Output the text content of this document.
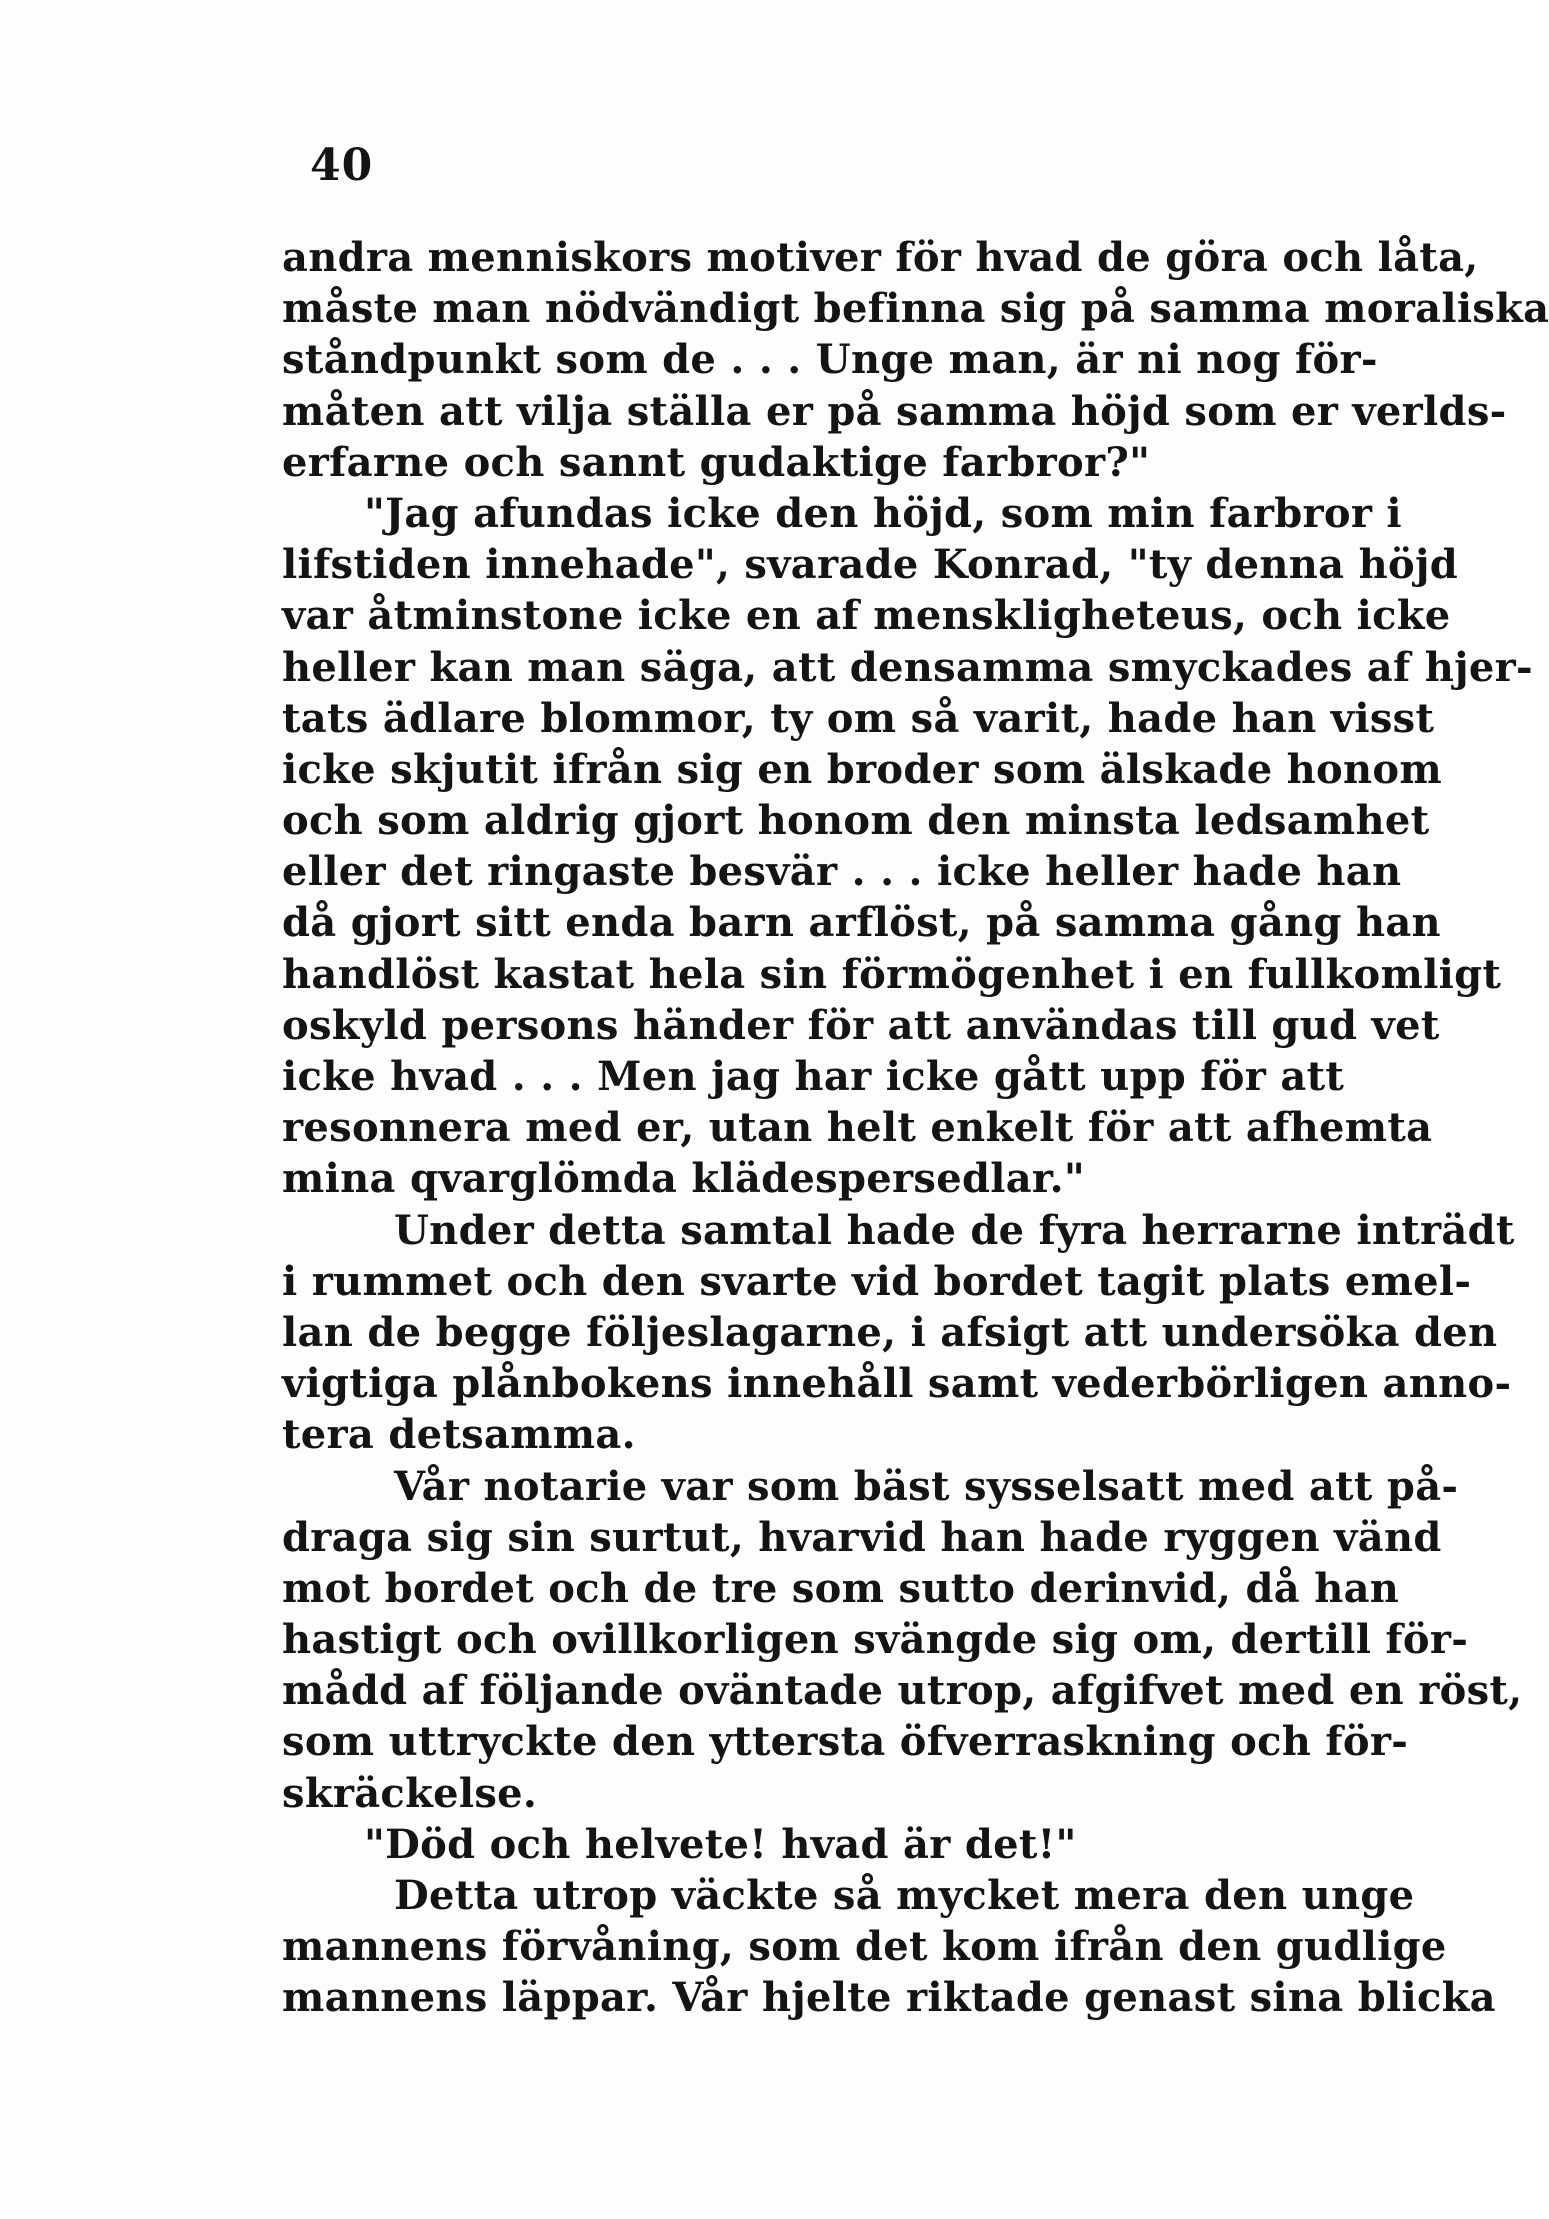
40
andra menniskors motiver för hvad de göra och låta,
måste man nödvändigt befinna sig på samma moraliska
ståndpunkt som de . . . Unge man, är ni nog för-
måten att vilja ställa er på samma höjd som er verlds-
erfarne och sannt gudaktige farbror?"
"Jag afundas icke den höjd, som min farbror i
lifstiden innehade", svarade Konrad, "ty denna höjd
var åtminstone icke en af menskligheteus, och icke
heller kan man säga, att densamma smyckades af hjer-
tats ädlare blommor, ty om så varit, hade han visst
icke skjutit ifrån sig en broder som älskade honom
och som aldrig gjort honom den minsta ledsamhet
eller det ringaste besvär . . . icke heller hade han
då gjort sitt enda barn arflöst, på samma gång han
handlöst kastat hela sin förmögenhet i en fullkomligt
oskyld persons händer för att användas till gud vet
icke hvad . . . Men jag har icke gått upp för att
resonnera med er, utan helt enkelt för att afhemta
mina qvarglömda klädespersedlar."
Under detta samtal hade de fyra herrarne inträdt
i rummet och den svarte vid bordet tagit plats emel-
lan de begge följeslagarne, i afsigt att undersöka den
vigtiga plånbokens innehåll samt vederbörligen anno-
tera detsamma.
Vår notarie var som bäst sysselsatt med att på-
draga sig sin surtut, hvarvid han hade ryggen vänd
mot bordet och de tre som sutto derinvid, då han
hastigt och ovillkorligen svängde sig om, dertill för-
mådd af följande oväntade utrop, afgifvet med en röst,
som uttryckte den yttersta öfverraskning och för-
skräckelse.
"Död och helvete! hvad är det!"
Detta utrop väckte så mycket mera den unge
mannens förvåning, som det kom ifrån den gudlige
mannens läppar. Vår hjelte riktade genast sina blicka
